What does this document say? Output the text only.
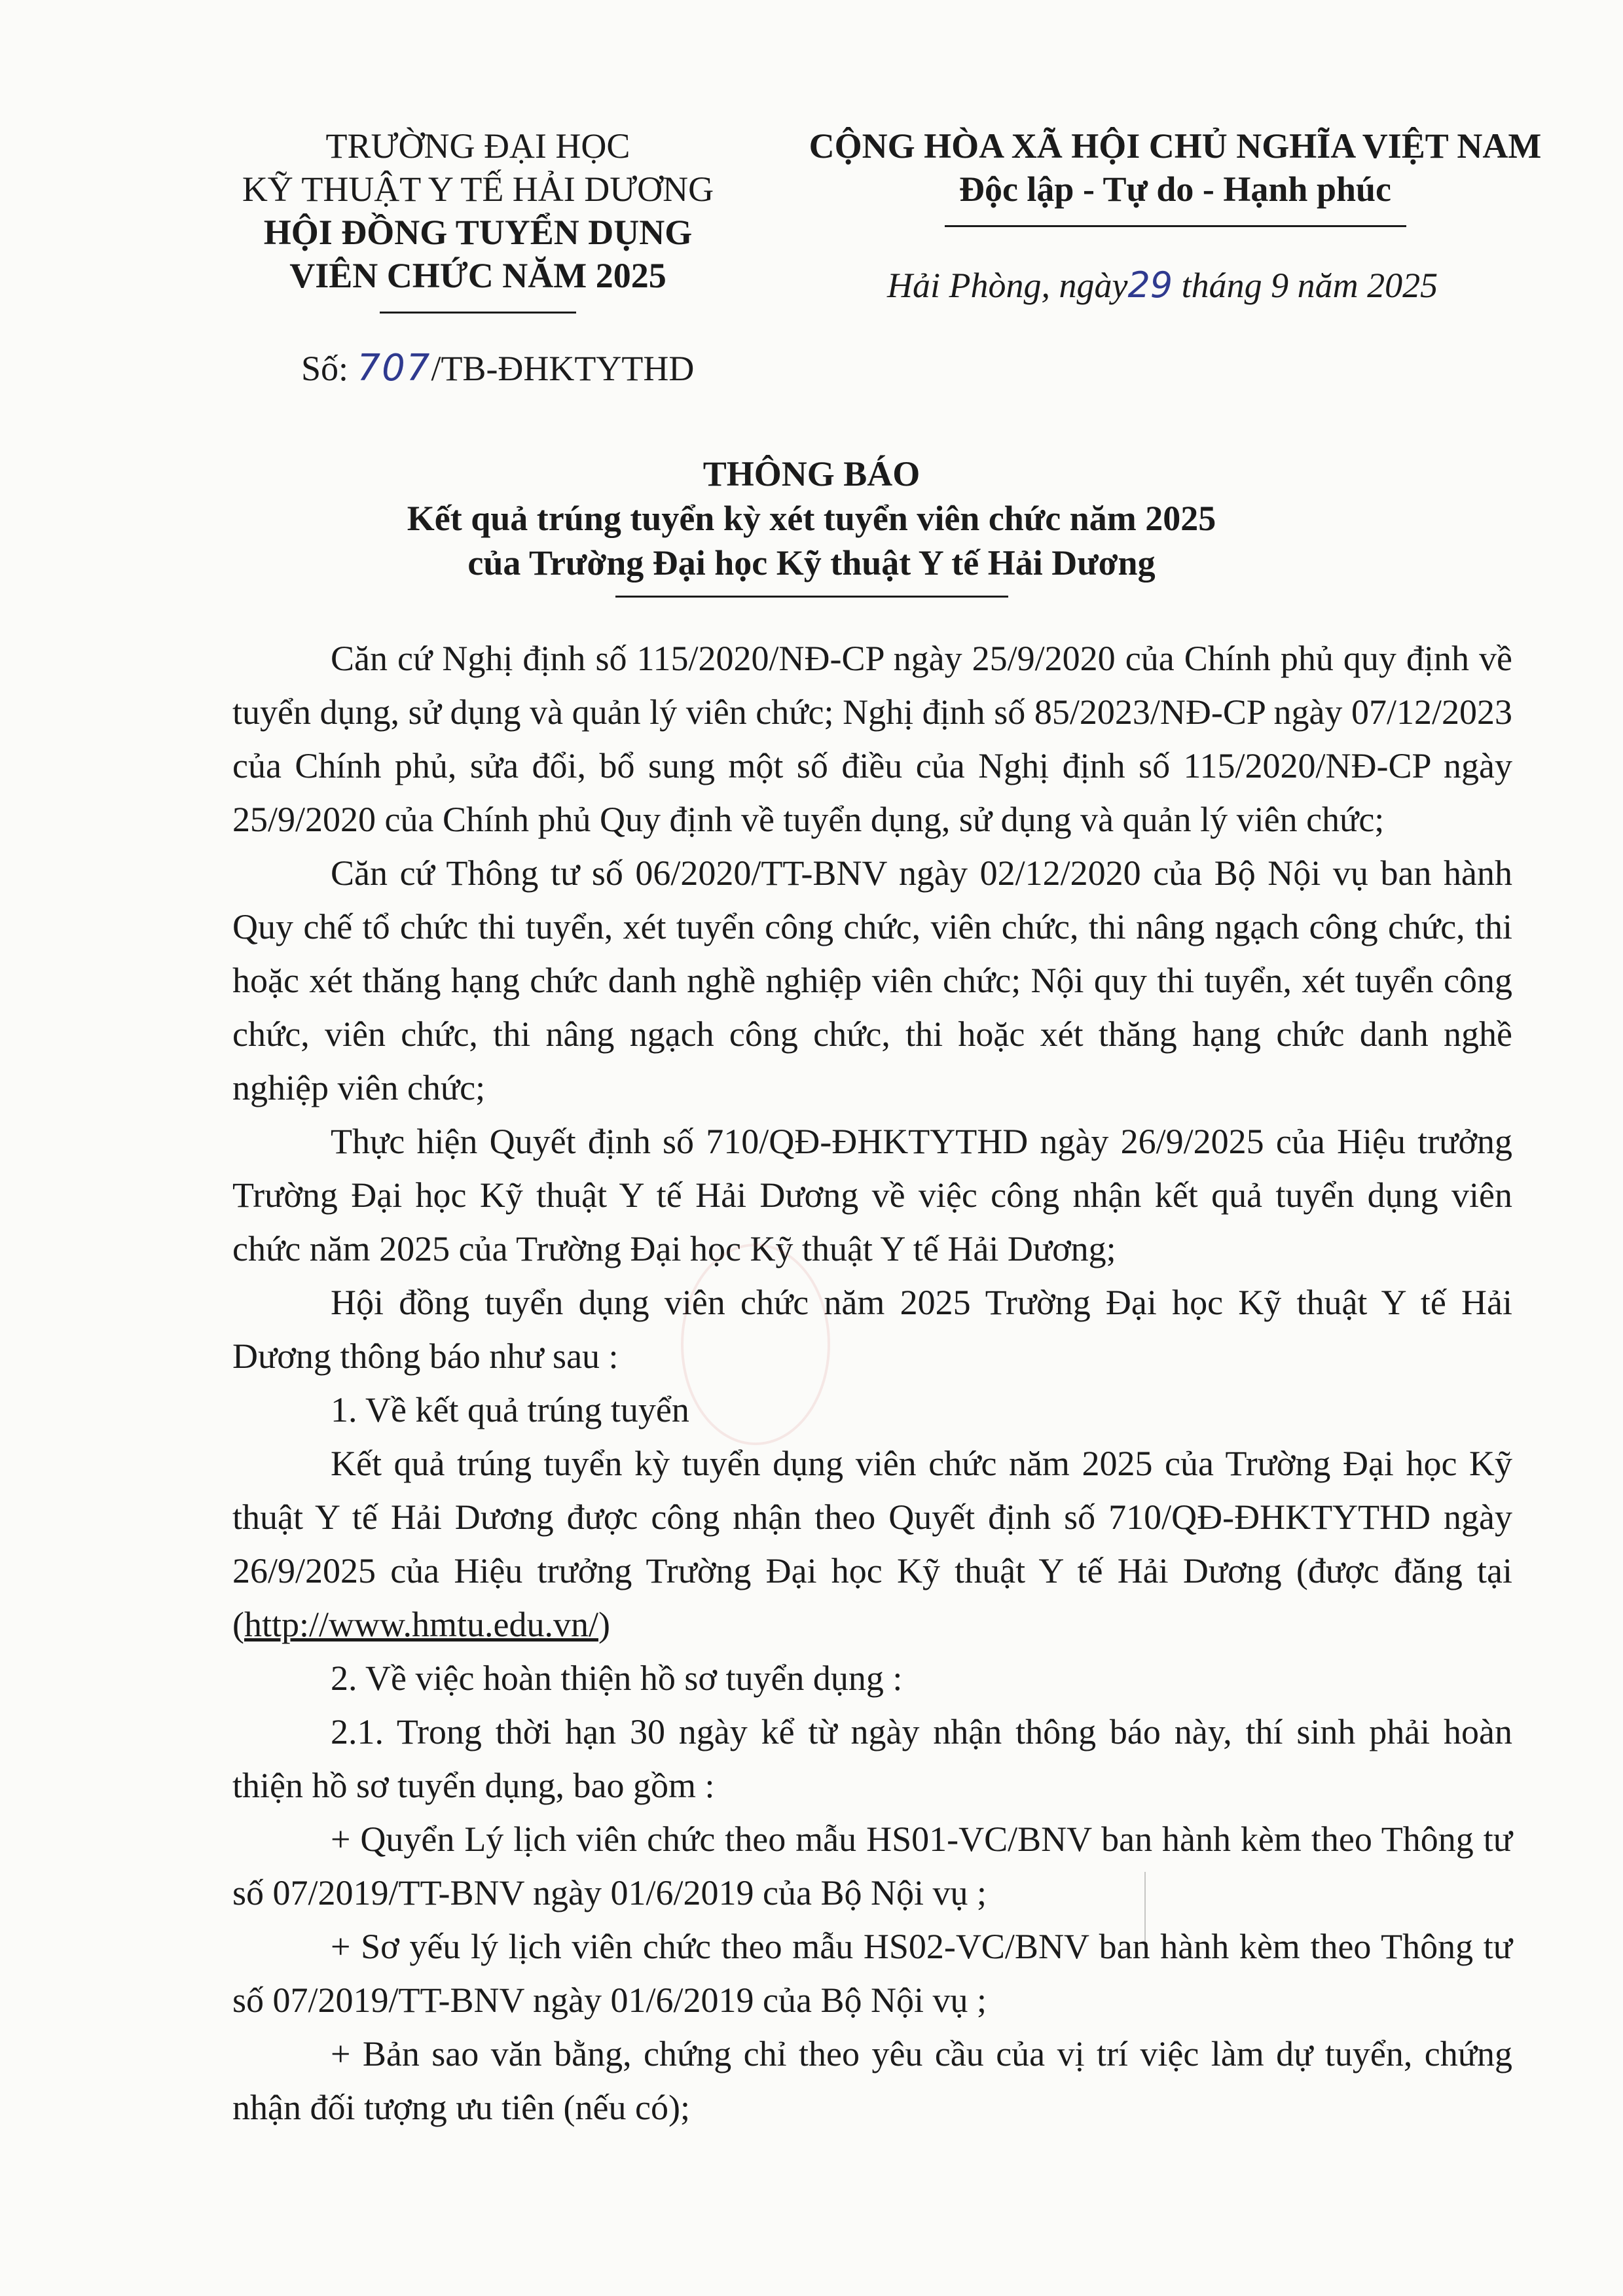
TRƯỜNG ĐẠI HỌC
KỸ THUẬT Y TẾ HẢI DƯƠNG
HỘI ĐỒNG TUYỂN DỤNG
VIÊN CHỨC NĂM 2025
Số: 707/TB-ĐHKTYTHD
CỘNG HÒA XÃ HỘI CHỦ NGHĨA VIỆT NAM
Độc lập - Tự do - Hạnh phúc
Hải Phòng, ngày29 tháng 9 năm 2025
THÔNG BÁO
Kết quả trúng tuyển kỳ xét tuyển viên chức năm 2025
của Trường Đại học Kỹ thuật Y tế Hải Dương

Căn cứ Nghị định số 115/2020/NĐ-CP ngày 25/9/2020 của Chính phủ quy định về tuyển dụng, sử dụng và quản lý viên chức; Nghị định số 85/2023/NĐ-CP ngày 07/12/2023 của Chính phủ, sửa đổi, bổ sung một số điều của Nghị định số 115/2020/NĐ-CP ngày 25/9/2020 của Chính phủ Quy định về tuyển dụng, sử dụng và quản lý viên chức;

Căn cứ Thông tư số 06/2020/TT-BNV ngày 02/12/2020 của Bộ Nội vụ ban hành Quy chế tổ chức thi tuyển, xét tuyển công chức, viên chức, thi nâng ngạch công chức, thi hoặc xét thăng hạng chức danh nghề nghiệp viên chức; Nội quy thi tuyển, xét tuyển công chức, viên chức, thi nâng ngạch công chức, thi hoặc xét thăng hạng chức danh nghề nghiệp viên chức;

Thực hiện Quyết định số 710/QĐ-ĐHKTYTHD ngày 26/9/2025 của Hiệu trưởng Trường Đại học Kỹ thuật Y tế Hải Dương về việc công nhận kết quả tuyển dụng viên chức năm 2025 của Trường Đại học Kỹ thuật Y tế Hải Dương;

Hội đồng tuyển dụng viên chức năm 2025 Trường Đại học Kỹ thuật Y tế Hải Dương thông báo như sau :

1. Về kết quả trúng tuyển

Kết quả trúng tuyển kỳ tuyển dụng viên chức năm 2025 của Trường Đại học Kỹ thuật Y tế Hải Dương được công nhận theo Quyết định số 710/QĐ-ĐHKTYTHD ngày 26/9/2025 của Hiệu trưởng Trường Đại học Kỹ thuật Y tế Hải Dương (được đăng tại (http://www.hmtu.edu.vn/)

2. Về việc hoàn thiện hồ sơ tuyển dụng :

2.1. Trong thời hạn 30 ngày kể từ ngày nhận thông báo này, thí sinh phải hoàn thiện hồ sơ tuyển dụng, bao gồm :

+ Quyển Lý lịch viên chức theo mẫu HS01-VC/BNV ban hành kèm theo Thông tư số 07/2019/TT-BNV ngày 01/6/2019 của Bộ Nội vụ ;

+ Sơ yếu lý lịch viên chức theo mẫu HS02-VC/BNV ban hành kèm theo Thông tư số 07/2019/TT-BNV ngày 01/6/2019 của Bộ Nội vụ ;

+ Bản sao văn bằng, chứng chỉ theo yêu cầu của vị trí việc làm dự tuyển, chứng nhận đối tượng ưu tiên (nếu có);
